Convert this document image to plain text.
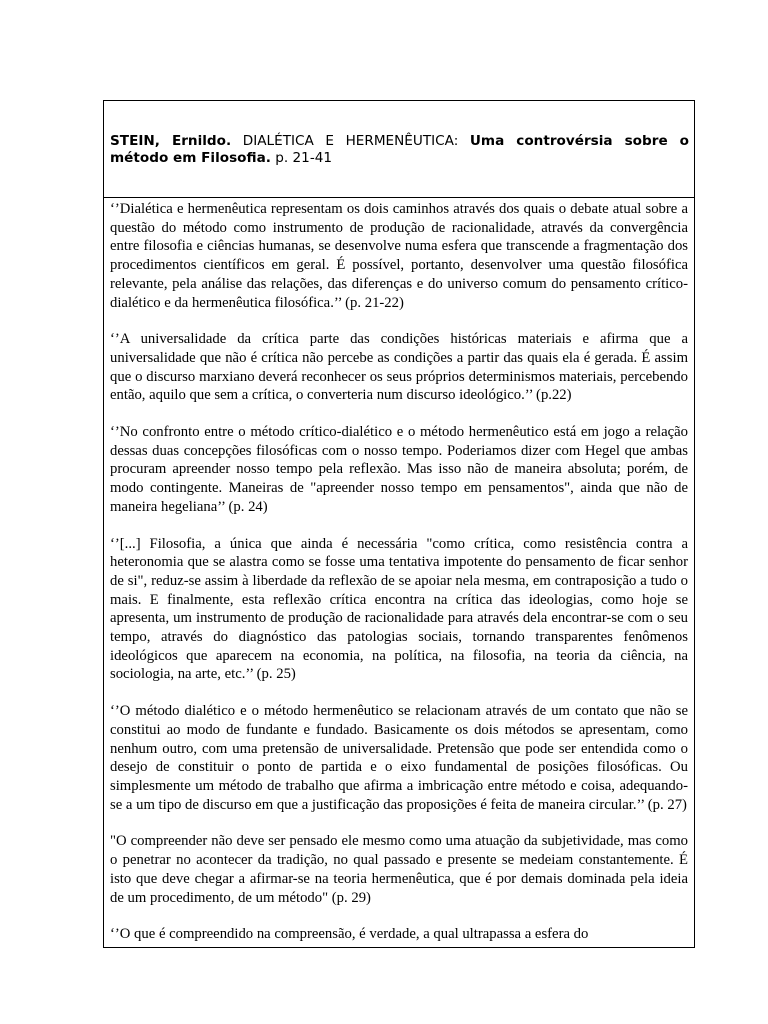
STEIN, Ernildo. DIALÉTICA E HERMENÊUTICA: Uma controvérsia sobre o método em Filosofia. p. 21-41

‘’Dialética e hermenêutica representam os dois caminhos através dos quais o debate atual sobre a questão do método como instrumento de produção de racionalidade, através da convergência entre filosofia e ciências humanas, se desenvolve numa esfera que transcende a fragmentação dos procedimentos científicos em geral. É possível, portanto, desenvolver uma questão filosófica relevante, pela análise das relações, das diferenças e do universo comum do pensamento crítico-dialético e da hermenêutica filosófica.’’ (p. 21-22)

‘’A universalidade da crítica parte das condições históricas materiais e afirma que a universalidade que não é crítica não percebe as condições a partir das quais ela é gerada. É assim que o discurso marxiano deverá reconhecer os seus próprios determinismos materiais, percebendo então, aquilo que sem a crítica, o converteria num discurso ideológico.’’ (p.22)

‘’No confronto entre o método crítico-dialético e o método hermenêutico está em jogo a relação dessas duas concepções filosóficas com o nosso tempo. Poderiamos dizer com Hegel que ambas procuram apreender nosso tempo pela reflexão. Mas isso não de maneira absoluta; porém, de modo contingente. Maneiras de "apreender nosso tempo em pensamentos", ainda que não de maneira hegeliana’’ (p. 24)

‘’[...] Filosofia, a única que ainda é necessária "como crítica, como resistência contra a heteronomia que se alastra como se fosse uma tentativa impotente do pensamento de ficar senhor de si", reduz-se assim à liberdade da reflexão de se apoiar nela mesma, em contraposição a tudo o mais. E finalmente, esta reflexão crítica encontra na crítica das ideologias, como hoje se apresenta, um instrumento de produção de racionalidade para através dela encontrar-se com o seu tempo, através do diagnóstico das patologias sociais, tornando transparentes fenômenos ideológicos que aparecem na economia, na política, na filosofia, na teoria da ciência, na sociologia, na arte, etc.’’ (p. 25)

‘’O método dialético e o método hermenêutico se relacionam através de um contato que não se constitui ao modo de fundante e fundado. Basicamente os dois métodos se apresentam, como nenhum outro, com uma pretensão de universalidade. Pretensão que pode ser entendida como o desejo de constituir o ponto de partida e o eixo fundamental de posições filosóficas. Ou simplesmente um método de trabalho que afirma a imbricação entre método e coisa, adequando-se a um tipo de discurso em que a justificação das proposições é feita de maneira circular.’’ (p. 27)

"O compreender não deve ser pensado ele mesmo como uma atuação da subjetividade, mas como o penetrar no acontecer da tradição, no qual passado e presente se medeiam constantemente. É isto que deve chegar a afirmar-se na teoria hermenêutica, que é por demais dominada pela ideia de um procedimento, de um método" (p. 29)

‘’O que é compreendido na compreensão, é verdade, a qual ultrapassa a esfera do
